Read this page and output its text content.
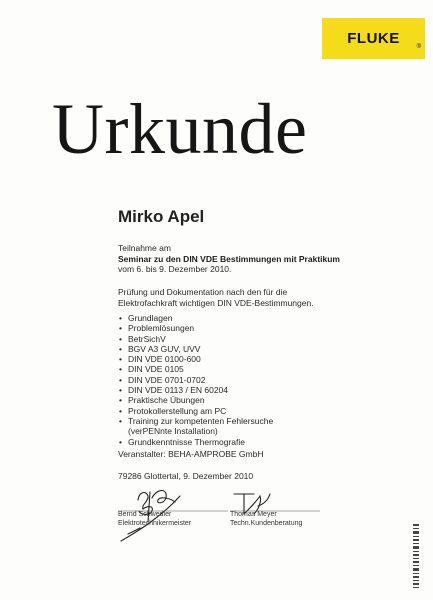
FLUKE	®
Urkunde
Mirko Apel
Teilnahme am
Seminar zu den DIN VDE Bestimmungen mit Praktikum
vom 6. bis 9. Dezember 2010.
Prüfung und Dokumentation nach den für die
Elektrofachkraft wichtigen DIN VDE-Bestimmungen.
• Grundlagen
• Problemlösungen
• BetrSichV
• BGV A3 GUV, UVV
• DIN VDE 0100-600
• DIN VDE 0105
• DIN VDE 0701-0702
• DIN VDE 0113 / EN 60204
• Praktische Übungen
• Protokollerstellung am PC
• Training zur kompetenten Fehlersuche
(verPENnte Installation)
• Grundkenntnisse Thermografie
Veranstalter: BEHA-AMPROBE GmbH
79286 Glottertal, 9. Dezember 2010
Bernd Schwedler
Elektrotechnikermeister
Thomas Meyer
Techn.Kundenberatung
